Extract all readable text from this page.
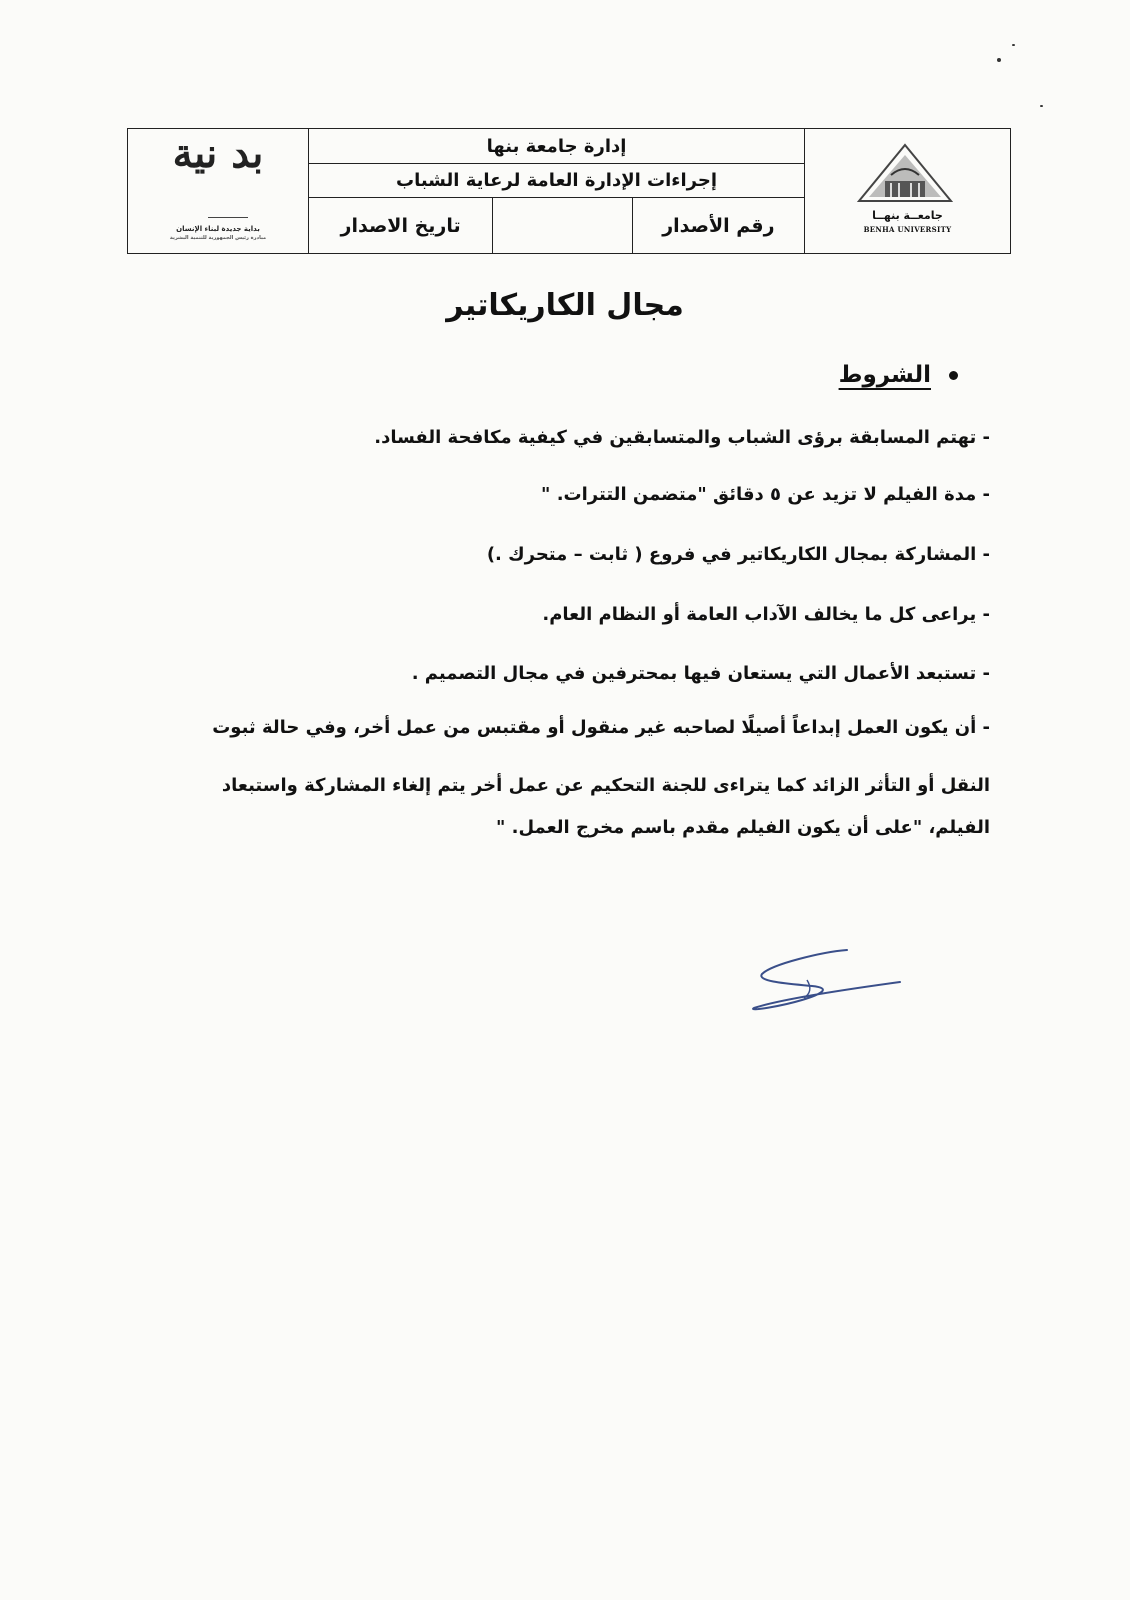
بد نية
بداية جديدة لبناء الإنسان
مبادرة رئيس الجمهورية للتنمية البشرية
إدارة جامعة بنها
إجراءات الإدارة العامة لرعاية الشباب
رقم الأصدار
تاريخ الاصدار	جامعــة بنهــا
BENHA UNIVERSITY
مجال الكاريكاتير
الشروط
- تهتم المسابقة برؤى الشباب والمتسابقين في كيفية مكافحة الفساد.
- مدة الفيلم لا تزيد عن ٥ دقائق "متضمن التترات. "
- المشاركة بمجال الكاريكاتير في فروع ( ثابت – متحرك .)
- يراعى كل ما يخالف الآداب العامة أو النظام العام.
- تستبعد الأعمال التي يستعان فيها بمحترفين في مجال التصميم .
- أن يكون العمل إبداعاً أصيلًا لصاحبه غير منقول أو مقتبس من عمل أخر، وفي حالة ثبوت
النقل أو التأثر الزائد كما يتراءى للجنة التحكيم عن عمل أخر يتم إلغاء المشاركة واستبعاد
الفيلم، "على أن يكون الفيلم مقدم باسم مخرج العمل. "
